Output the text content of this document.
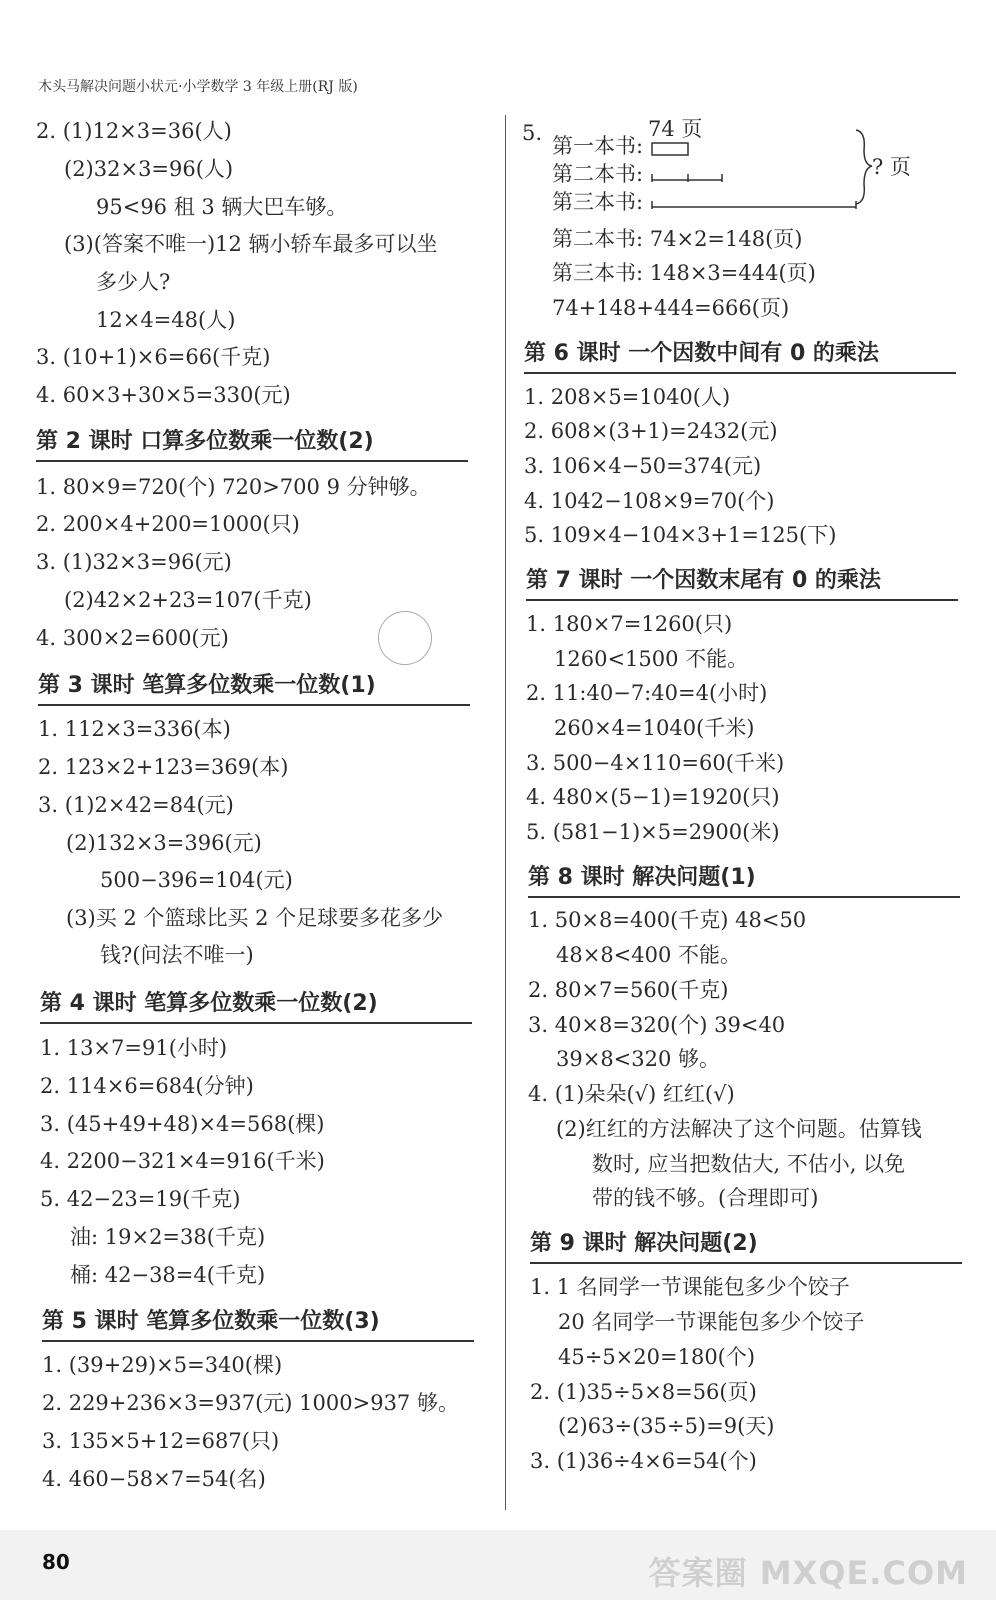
木头马解决问题小状元·小学数学 3 年级上册(RJ 版)
2. (1)12×3=36(人)
(2)32×3=96(人)
95<96 租 3 辆大巴车够。
(3)(答案不唯一)12 辆小轿车最多可以坐
多少人?
12×4=48(人)
3. (10+1)×6=66(千克)
4. 60×3+30×5=330(元)
第 2 课时 口算多位数乘一位数(2)
1. 80×9=720(个) 720>700 9 分钟够。
2. 200×4+200=1000(只)
3. (1)32×3=96(元)
(2)42×2+23=107(千克)
4. 300×2=600(元)
第 3 课时 笔算多位数乘一位数(1)
1. 112×3=336(本)
2. 123×2+123=369(本)
3. (1)2×42=84(元)
(2)132×3=396(元)
500−396=104(元)
(3)买 2 个篮球比买 2 个足球要多花多少
钱?(问法不唯一)
第 4 课时 笔算多位数乘一位数(2)
1. 13×7=91(小时)
2. 114×6=684(分钟)
3. (45+49+48)×4=568(棵)
4. 2200−321×4=916(千米)
5. 42−23=19(千克)
油: 19×2=38(千克)
桶: 42−38=4(千克)
第 5 课时 笔算多位数乘一位数(3)
1. (39+29)×5=340(棵)
2. 229+236×3=937(元) 1000>937 够。
3. 135×5+12=687(只)
4. 460−58×7=54(名)
5.	74 页
第一本书:
第二本书:
第三本书:
? 页
第二本书: 74×2=148(页)
第三本书: 148×3=444(页)
74+148+444=666(页)
第 6 课时 一个因数中间有 0 的乘法
1. 208×5=1040(人)
2. 608×(3+1)=2432(元)
3. 106×4−50=374(元)
4. 1042−108×9=70(个)
5. 109×4−104×3+1=125(下)
第 7 课时 一个因数末尾有 0 的乘法
1. 180×7=1260(只)
1260<1500 不能。
2. 11:40−7:40=4(小时)
260×4=1040(千米)
3. 500−4×110=60(千米)
4. 480×(5−1)=1920(只)
5. (581−1)×5=2900(米)
第 8 课时 解决问题(1)
1. 50×8=400(千克) 48<50
48×8<400 不能。
2. 80×7=560(千克)
3. 40×8=320(个) 39<40
39×8<320 够。
4. (1)朵朵(√) 红红(√)
(2)红红的方法解决了这个问题。估算钱
数时, 应当把数估大, 不估小, 以免
带的钱不够。(合理即可)
第 9 课时 解决问题(2)
1. 1 名同学一节课能包多少个饺子
20 名同学一节课能包多少个饺子
45÷5×20=180(个)
2. (1)35÷5×8=56(页)
(2)63÷(35÷5)=9(天)
3. (1)36÷4×6=54(个)
80	答案圈 MXQE.COM
